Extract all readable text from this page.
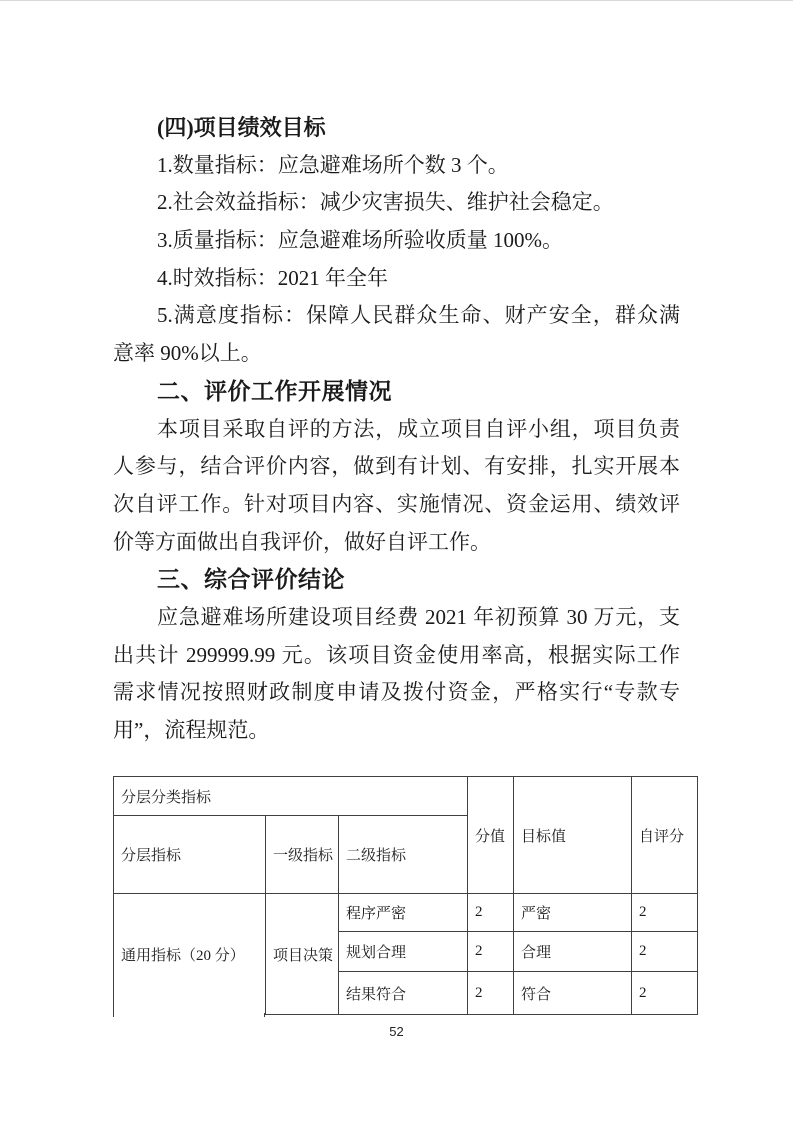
(四)项目绩效目标
1.数量指标：应急避难场所个数 3 个。
2.社会效益指标：减少灾害损失、维护社会稳定。
3.质量指标：应急避难场所验收质量 100%。
4.时效指标：2021 年全年
5.满意度指标：保障人民群众生命、财产安全，群众满
意率 90%以上。
二、评价工作开展情况
本项目采取自评的方法，成立项目自评小组，项目负责
人参与，结合评价内容，做到有计划、有安排，扎实开展本
次自评工作。针对项目内容、实施情况、资金运用、绩效评
价等方面做出自我评价，做好自评工作。
三、综合评价结论
应急避难场所建设项目经费 2021 年初预算 30 万元，支
出共计 299999.99 元。该项目资金使用率高，根据实际工作
需求情况按照财政制度申请及拨付资金，严格实行“专款专
用”，流程规范。
分层分类指标			分值	目标值	自评分
分层指标	一级指标	二级指标			
通用指标（20 分）	项目决策	程序严密	2	严密	2
		规划合理	2	合理	2
		结果符合	2	符合	2
52
